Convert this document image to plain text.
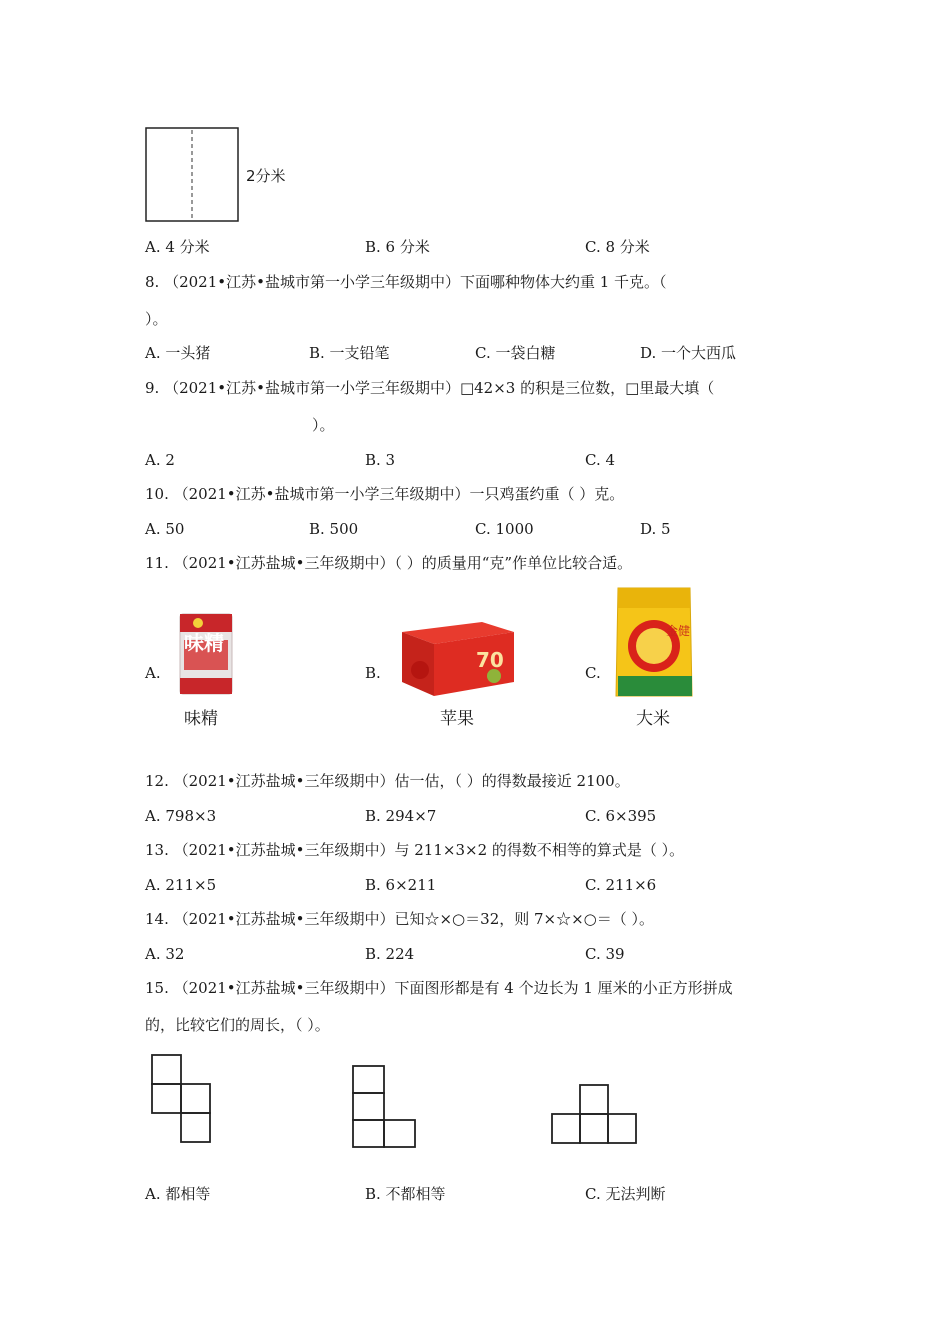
2分米
A. 4 分米	B. 6 分米	C. 8 分米
8. （2021•江苏•盐城市第一小学三年级期中）下面哪种物体大约重 1 千克。（
）。
A. 一头猪	B. 一支铅笔	C. 一袋白糖	D. 一个大西瓜
9. （2021•江苏•盐城市第一小学三年级期中）□42×3 的积是三位数，□里最大填（
）。
A. 2	B. 3	C. 4
10. （2021•江苏•盐城市第一小学三年级期中）一只鸡蛋约重（ ）克。
A. 50	B. 500	C. 1000	D. 5
11. （2021•江苏盐城•三年级期中）（ ）的质量用“克”作单位比较合适。
A.
味精
味精
B.
70
苹果
C.
金健
大米
12. （2021•江苏盐城•三年级期中）估一估，（ ）的得数最接近 2100。
A. 798×3	B. 294×7	C. 6×395
13. （2021•江苏盐城•三年级期中）与 211×3×2 的得数不相等的算式是（ ）。
A. 211×5	B. 6×211	C. 211×6
14. （2021•江苏盐城•三年级期中）已知☆×○＝32，则 7×☆×○＝（ ）。
A. 32	B. 224	C. 39
15. （2021•江苏盐城•三年级期中）下面图形都是有 4 个边长为 1 厘米的小正方形拼成
的，比较它们的周长，（ ）。
A. 都相等	B. 不都相等	C. 无法判断
